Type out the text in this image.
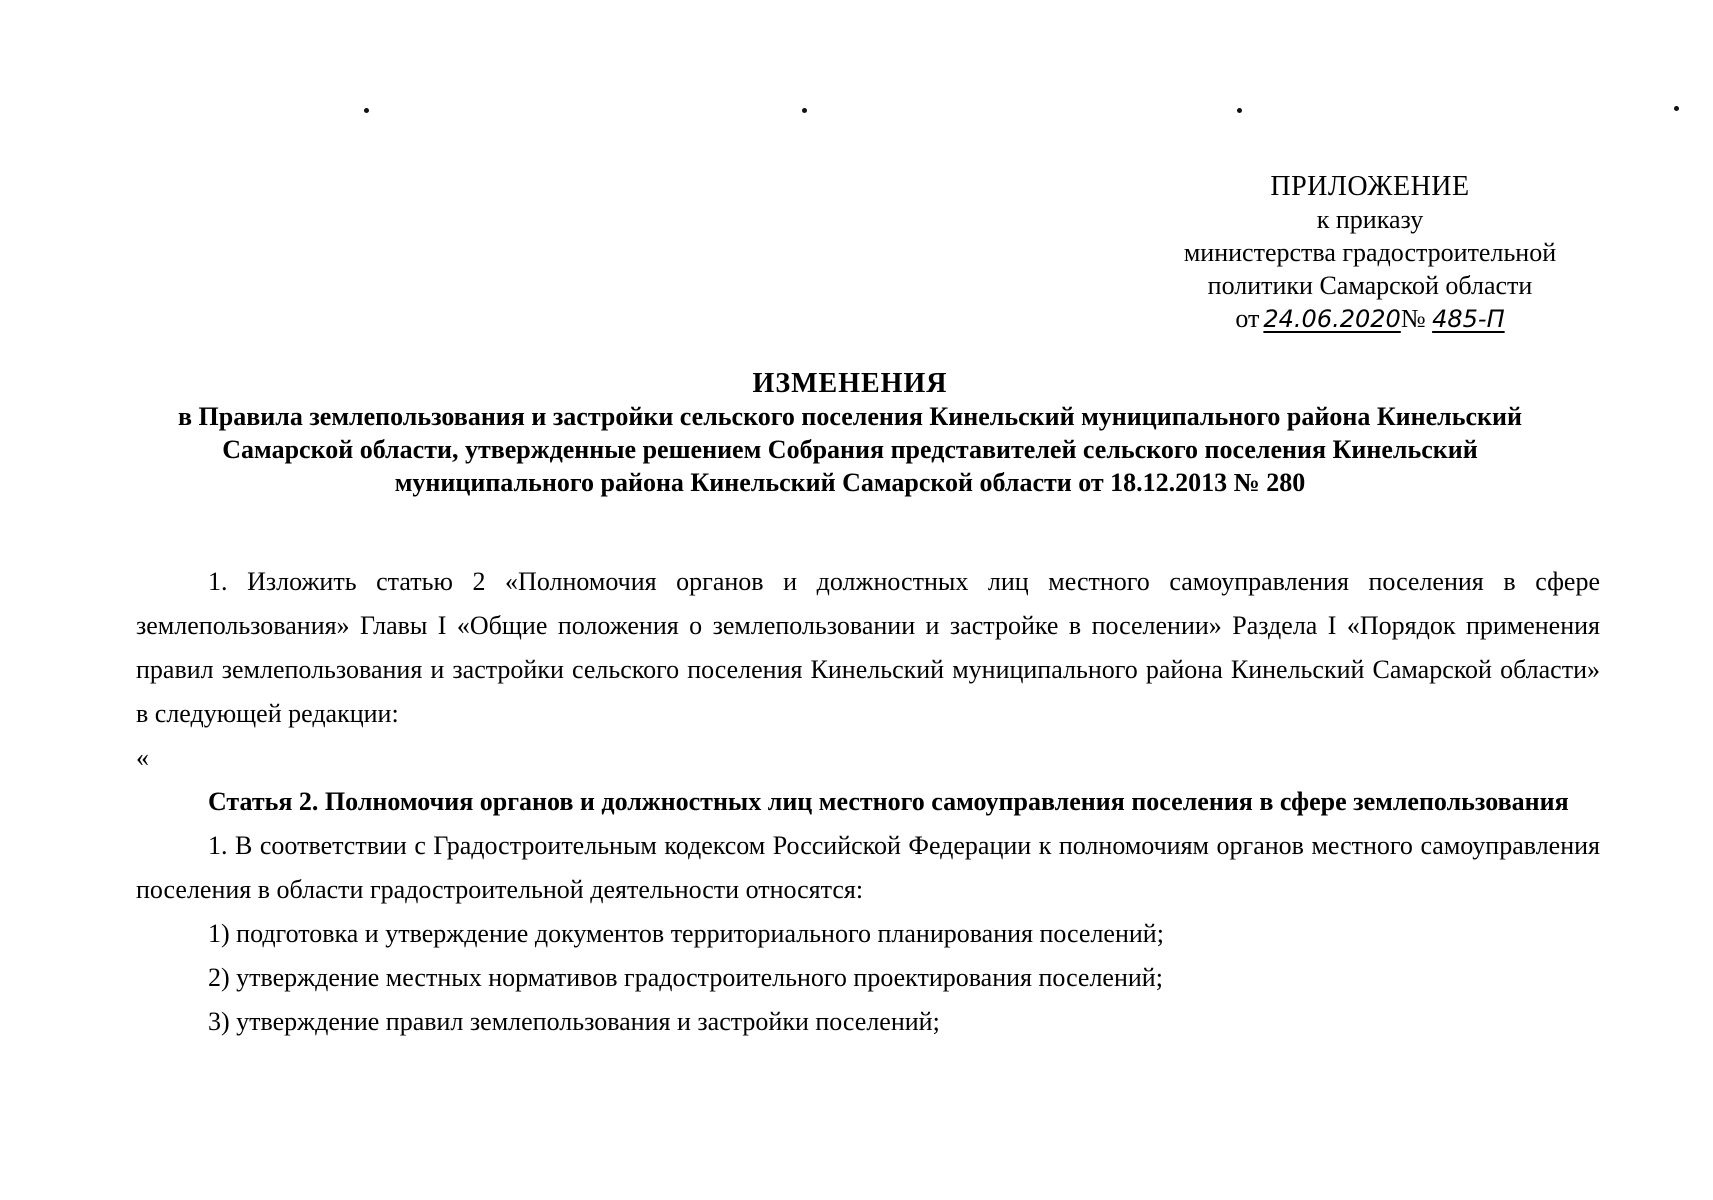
ПРИЛОЖЕНИЕ
к приказу
министерства градостроительной
политики Самарской области
от 24.06.2020№ 485-П
ИЗМЕНЕНИЯ
в Правила землепользования и застройки сельского поселения Кинельский муниципального района Кинельский
Самарской области, утвержденные решением Собрания представителей сельского поселения Кинельский
муниципального района Кинельский Самарской области от 18.12.2013 № 280

1. Изложить статью 2 «Полномочия органов и должностных лиц местного самоуправления поселения в сфере землепользования» Главы I «Общие положения о землепользовании и застройке в поселении» Раздела I «Порядок применения правил землепользования и застройки сельского поселения Кинельский муниципального района Кинельский Самарской области» в следующей редакции:

«

Статья 2. Полномочия органов и должностных лиц местного самоуправления поселения в сфере землепользования

1. В соответствии с Градостроительным кодексом Российской Федерации к полномочиям органов местного самоуправления поселения в области градостроительной деятельности относятся:

1) подготовка и утверждение документов территориального планирования поселений;

2) утверждение местных нормативов градостроительного проектирования поселений;

3) утверждение правил землепользования и застройки поселений;
